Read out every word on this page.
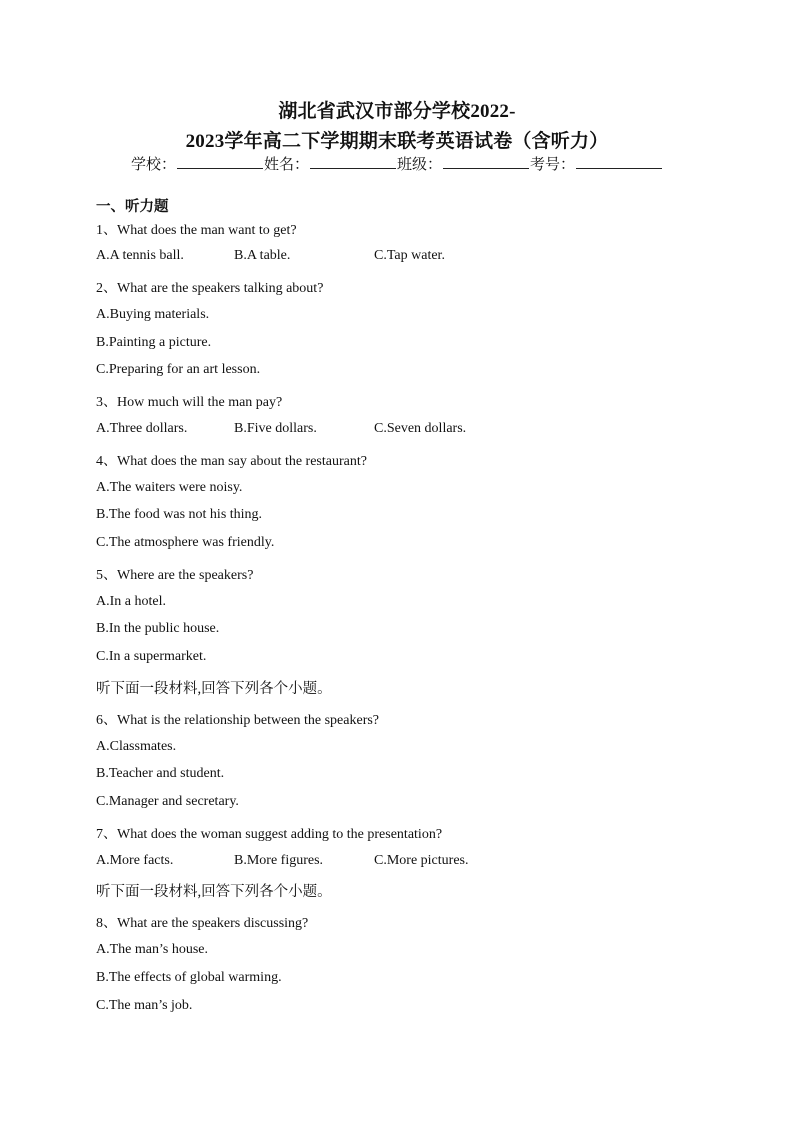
湖北省武汉市部分学校2022-
2023学年高二下学期期末联考英语试卷（含听力）
学校：	姓名：	班级：	考号：
一、听力题
1、What does the man want to get?
A.A tennis ball.	B.A table.	C.Tap water.
2、What are the speakers talking about?
A.Buying materials.
B.Painting a picture.
C.Preparing for an art lesson.
3、How much will the man pay?
A.Three dollars.	B.Five dollars.	C.Seven dollars.
4、What does the man say about the restaurant?
A.The waiters were noisy.
B.The food was not his thing.
C.The atmosphere was friendly.
5、Where are the speakers?
A.In a hotel.
B.In the public house.
C.In a supermarket.
听下面一段材料,回答下列各个小题。
6、What is the relationship between the speakers?
A.Classmates.
B.Teacher and student.
C.Manager and secretary.
7、What does the woman suggest adding to the presentation?
A.More facts.	B.More figures.	C.More pictures.
听下面一段材料,回答下列各个小题。
8、What are the speakers discussing?
A.The man’s house.
B.The effects of global warming.
C.The man’s job.
